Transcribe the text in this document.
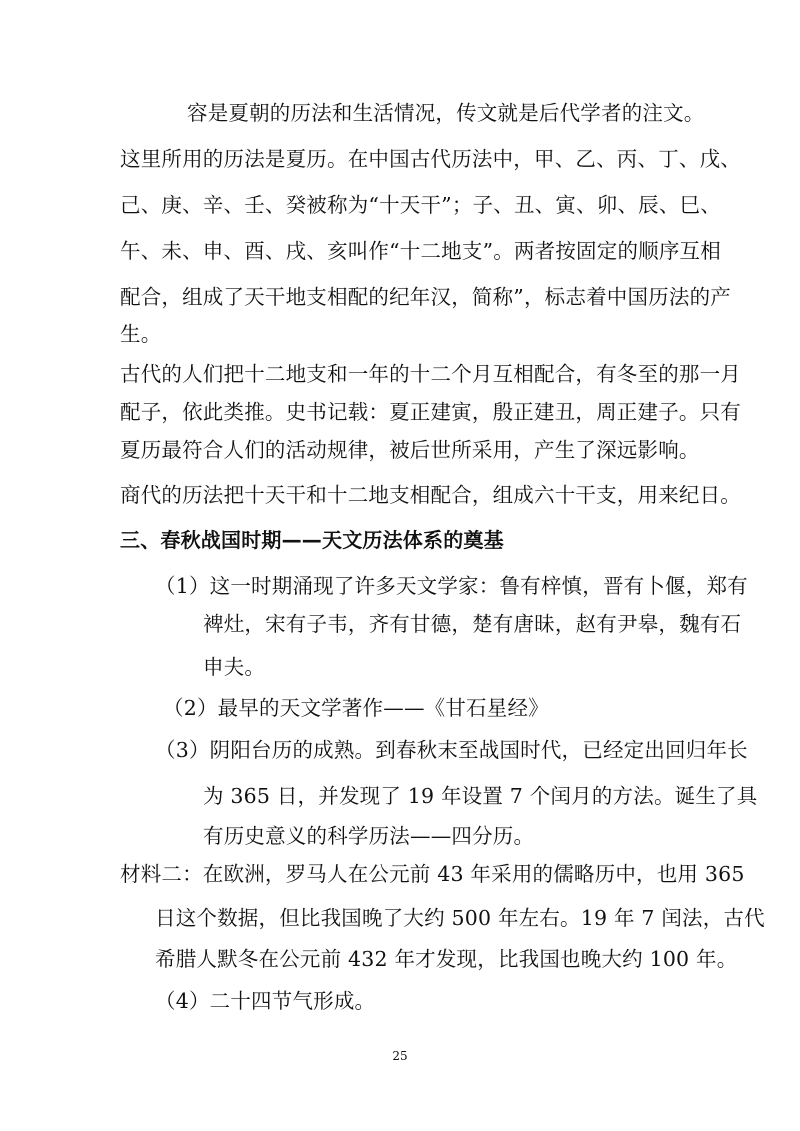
容是夏朝的历法和生活情况，传文就是后代学者的注文。
这里所用的历法是夏历。在中国古代历法中，甲、乙、丙、丁、戊、
己、庚、辛、壬、癸被称为“十天干”；子、丑、寅、卯、辰、巳、
午、未、申、酉、戌、亥叫作“十二地支”。两者按固定的顺序互相
配合，组成了天干地支相配的纪年汉，简称”，标志着中国历法的产
生。
古代的人们把十二地支和一年的十二个月互相配合，有冬至的那一月
配子，依此类推。史书记载：夏正建寅，殷正建丑，周正建子。只有
夏历最符合人们的活动规律，被后世所采用，产生了深远影响。
商代的历法把十天干和十二地支相配合，组成六十干支，用来纪日。
三、春秋战国时期——天文历法体系的奠基
（1）这一时期涌现了许多天文学家：鲁有梓慎，晋有卜偃，郑有
裨灶，宋有子韦，齐有甘德，楚有唐昧，赵有尹皋，魏有石
申夫。
（2）最早的天文学著作——《甘石星经》
（3）阴阳台历的成熟。到春秋末至战国时代，已经定出回归年长
为 365 日，并发现了 19 年设置 7 个闰月的方法。诞生了具
有历史意义的科学历法——四分历。
材料二：在欧洲，罗马人在公元前 43 年采用的儒略历中，也用 365
日这个数据，但比我国晚了大约 500 年左右。19 年 7 闰法，古代
希腊人默冬在公元前 432 年才发现，比我国也晚大约 100 年。
（4）二十四节气形成。
25
